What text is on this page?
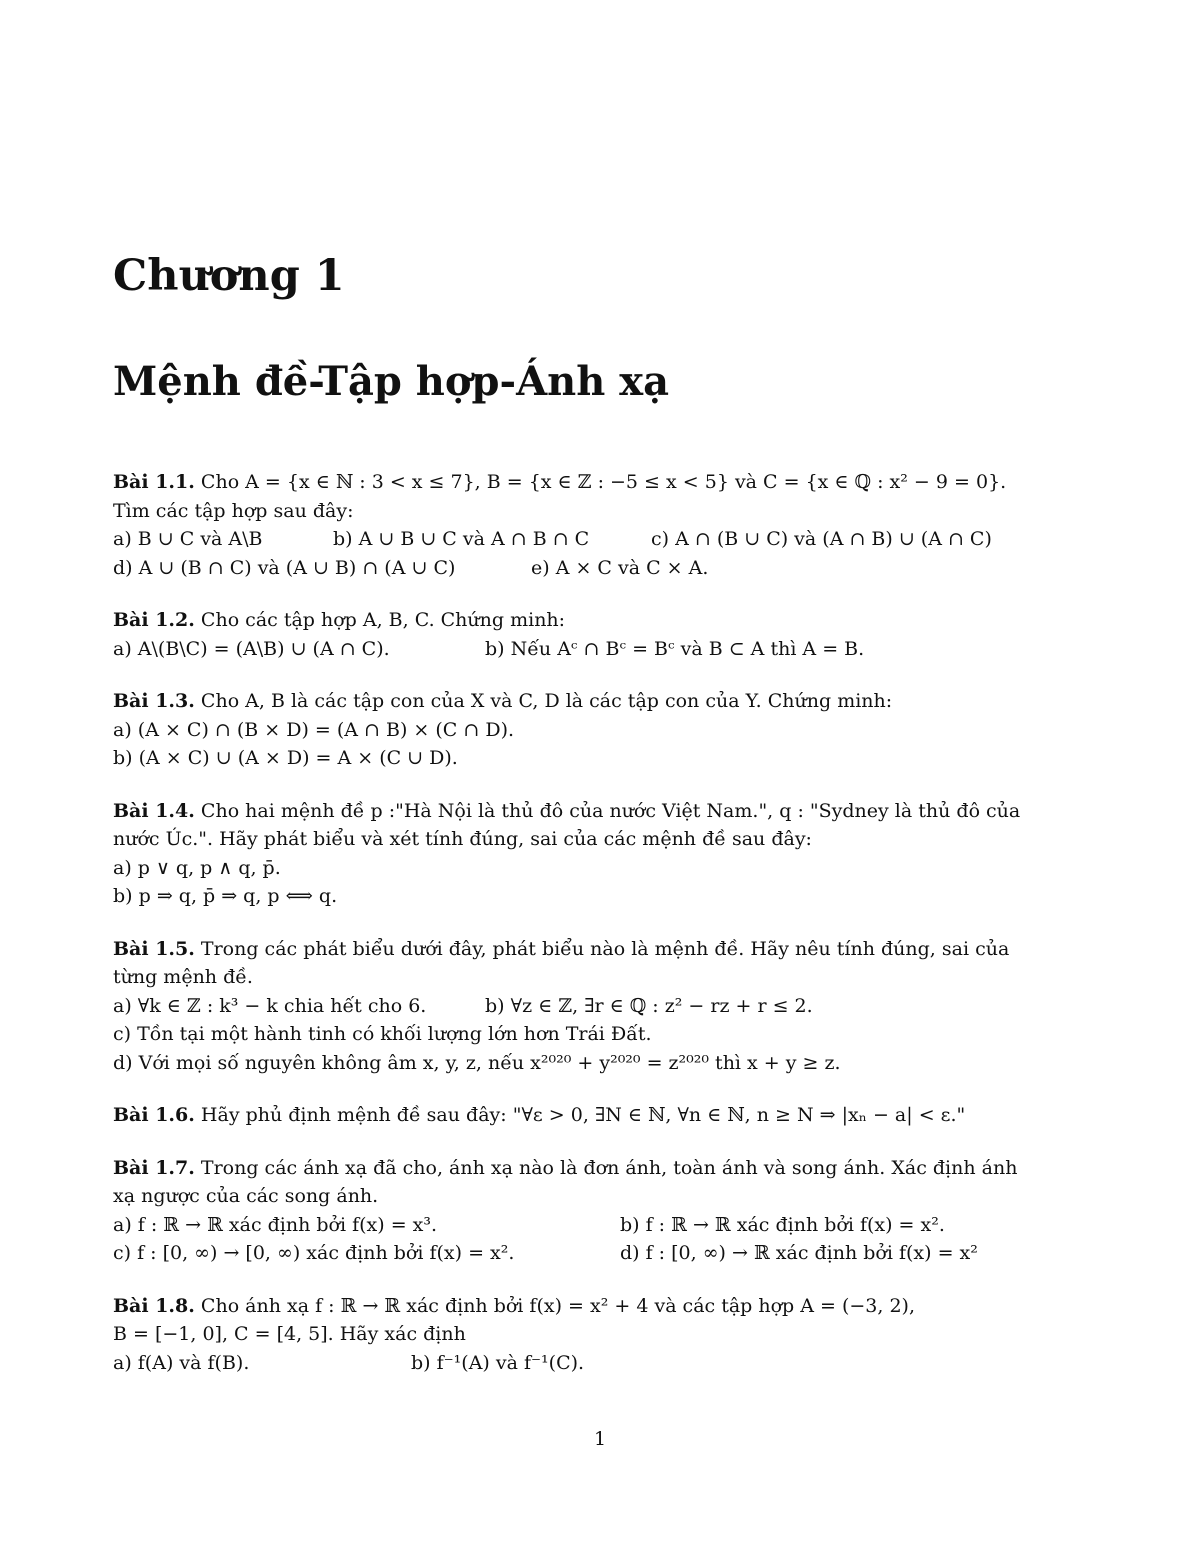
Chương 1
Mệnh đề-Tập hợp-Ánh xạ

Bài 1.1. Cho A = {x ∈ ℕ : 3 < x ≤ 7}, B = {x ∈ ℤ : −5 ≤ x < 5} và C = {x ∈ ℚ : x² − 9 = 0}.

Tìm các tập hợp sau đây:

a) B ∪ C và A\B	b) A ∪ B ∪ C và A ∩ B ∩ C	c) A ∩ (B ∪ C) và (A ∩ B) ∪ (A ∩ C)
d) A ∪ (B ∩ C) và (A ∪ B) ∩ (A ∪ C)	e) A × C và C × A.

Bài 1.2. Cho các tập hợp A, B, C. Chứng minh:

a) A\(B\C) = (A\B) ∪ (A ∩ C).	b) Nếu Aᶜ ∩ Bᶜ = Bᶜ và B ⊂ A thì A = B.

Bài 1.3. Cho A, B là các tập con của X và C, D là các tập con của Y. Chứng minh:

a) (A × C) ∩ (B × D) = (A ∩ B) × (C ∩ D).

b) (A × C) ∪ (A × D) = A × (C ∪ D).

Bài 1.4. Cho hai mệnh đề p :"Hà Nội là thủ đô của nước Việt Nam.", q : "Sydney là thủ đô của

nước Úc.". Hãy phát biểu và xét tính đúng, sai của các mệnh đề sau đây:

a) p ∨ q, p ∧ q, p̄.

b) p ⇒ q, p̄ ⇒ q, p ⟺ q.

Bài 1.5. Trong các phát biểu dưới đây, phát biểu nào là mệnh đề. Hãy nêu tính đúng, sai của

từng mệnh đề.

a) ∀k ∈ ℤ : k³ − k chia hết cho 6.	b) ∀z ∈ ℤ, ∃r ∈ ℚ : z² − rz + r ≤ 2.

c) Tồn tại một hành tinh có khối lượng lớn hơn Trái Đất.

d) Với mọi số nguyên không âm x, y, z, nếu x²⁰²⁰ + y²⁰²⁰ = z²⁰²⁰ thì x + y ≥ z.

Bài 1.6. Hãy phủ định mệnh đề sau đây: "∀ε > 0, ∃N ∈ ℕ, ∀n ∈ ℕ, n ≥ N ⇒ |xₙ − a| < ε."

Bài 1.7. Trong các ánh xạ đã cho, ánh xạ nào là đơn ánh, toàn ánh và song ánh. Xác định ánh

xạ ngược của các song ánh.

a) f : ℝ → ℝ xác định bởi f(x) = x³.	b) f : ℝ → ℝ xác định bởi f(x) = x².
c) f : [0, ∞) → [0, ∞) xác định bởi f(x) = x².	d) f : [0, ∞) → ℝ xác định bởi f(x) = x²

Bài 1.8. Cho ánh xạ f : ℝ → ℝ xác định bởi f(x) = x² + 4 và các tập hợp A = (−3, 2),

B = [−1, 0], C = [4, 5]. Hãy xác định

a) f(A) và f(B).	b) f⁻¹(A) và f⁻¹(C).
1
